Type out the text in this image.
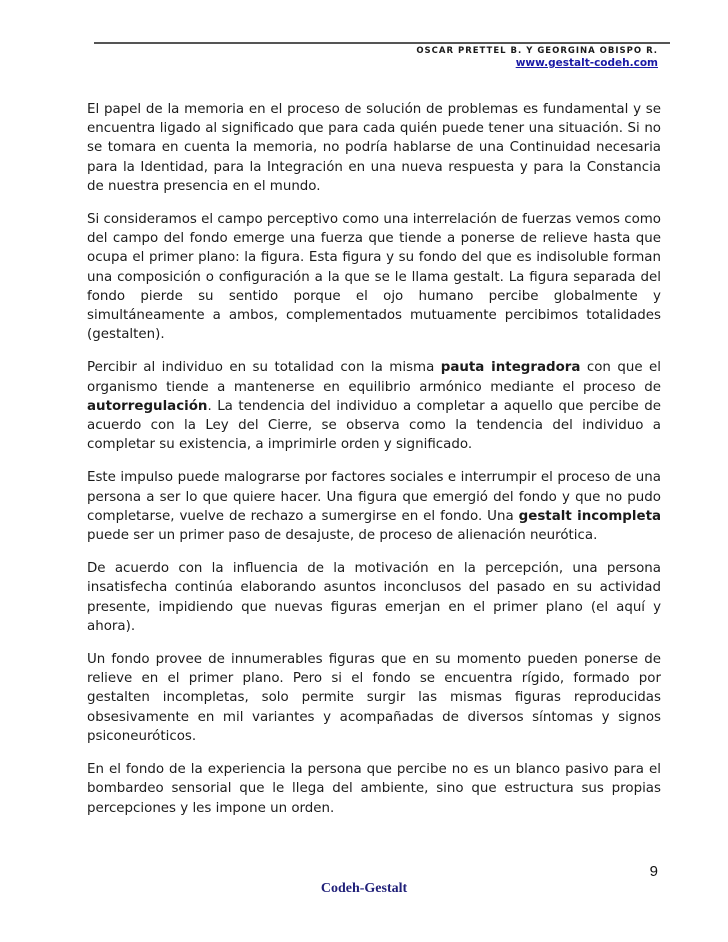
OSCAR PRETTEL B. Y GEORGINA OBISPO R.
www.gestalt-codeh.com

El papel de la memoria en el proceso de solución de problemas es fundamental y se encuentra ligado al significado que para cada quién puede tener una situación. Si no se tomara en cuenta la memoria, no podría hablarse de una Continuidad necesaria para la Identidad, para la Integración en una nueva respuesta y para la Constancia de nuestra presencia en el mundo.

Si consideramos el campo perceptivo como una interrelación de fuerzas vemos como del campo del fondo emerge una fuerza que tiende a ponerse de relieve hasta que ocupa el primer plano: la figura. Esta figura y su fondo del que es indisoluble forman una composición o configuración a la que se le llama gestalt. La figura separada del fondo pierde su sentido porque el ojo humano percibe globalmente y simultáneamente a ambos, complementados mutuamente percibimos totalidades (gestalten).

Percibir al individuo en su totalidad con la misma pauta integradora con que el organismo tiende a mantenerse en equilibrio armónico mediante el proceso de autorregulación. La tendencia del individuo a completar a aquello que percibe de acuerdo con la Ley del Cierre, se observa como la tendencia del individuo a completar su existencia, a imprimirle orden y significado.

Este impulso puede malograrse por factores sociales e interrumpir el proceso de una persona a ser lo que quiere hacer. Una figura que emergió del fondo y que no pudo completarse, vuelve de rechazo a sumergirse en el fondo. Una gestalt incompleta puede ser un primer paso de desajuste, de proceso de alienación neurótica.

De acuerdo con la influencia de la motivación en la percepción, una persona insatisfecha continúa elaborando asuntos inconclusos del pasado en su actividad presente, impidiendo que nuevas figuras emerjan en el primer plano (el aquí y ahora).

Un fondo provee de innumerables figuras que en su momento pueden ponerse de relieve en el primer plano. Pero si el fondo se encuentra rígido, formado por gestalten incompletas, solo permite surgir las mismas figuras reproducidas obsesivamente en mil variantes y acompañadas de diversos síntomas y signos psiconeuróticos.

En el fondo de la experiencia la persona que percibe no es un blanco pasivo para el bombardeo sensorial que le llega del ambiente, sino que estructura sus propias percepciones y les impone un orden.

9
Codeh-Gestalt
